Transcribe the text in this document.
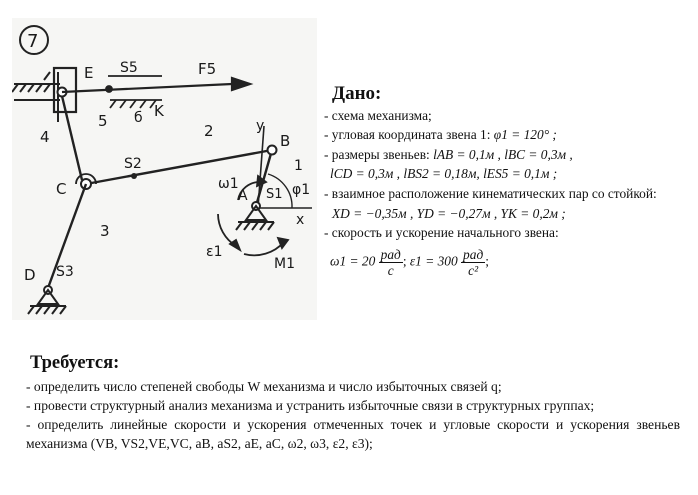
7
E S5	F5
4
5 б K
2	y
B
S2	1
ω1
A S1 φ1
x
C
3
ε1
M1
D S3
Дано:
- схема механизма;
- угловая координата звена 1: φ1 = 120° ;
- размеры звеньев: lAB = 0,1м , lBC = 0,3м ,
lCD = 0,3м , lBS2 = 0,18м, lES5 = 0,1м ;
- взаимное расположение кинематических пар со стойкой:
XD = −0,35м , YD = −0,27м , YK = 0,2м ;
- скорость и ускорение начального звена:
$\omega 1 = 20 \frac{\text{рад}}{с}$ ; $\varepsilon 1 = 300 \frac{\text{рад}}{\text{с²}}$ ;
Требуется:
- определить число степеней свободы W механизма и число избыточных связей q;
- провести структурный анализ механизма и устранить избыточные связи в структурных группах;
- определить линейные скорости и ускорения отмеченных точек и угловые скорости и ускорения звеньев механизма (VB, VS2,VE,VC, aB, aS2, aE, aC, ω2, ω3, ε2, ε3);
